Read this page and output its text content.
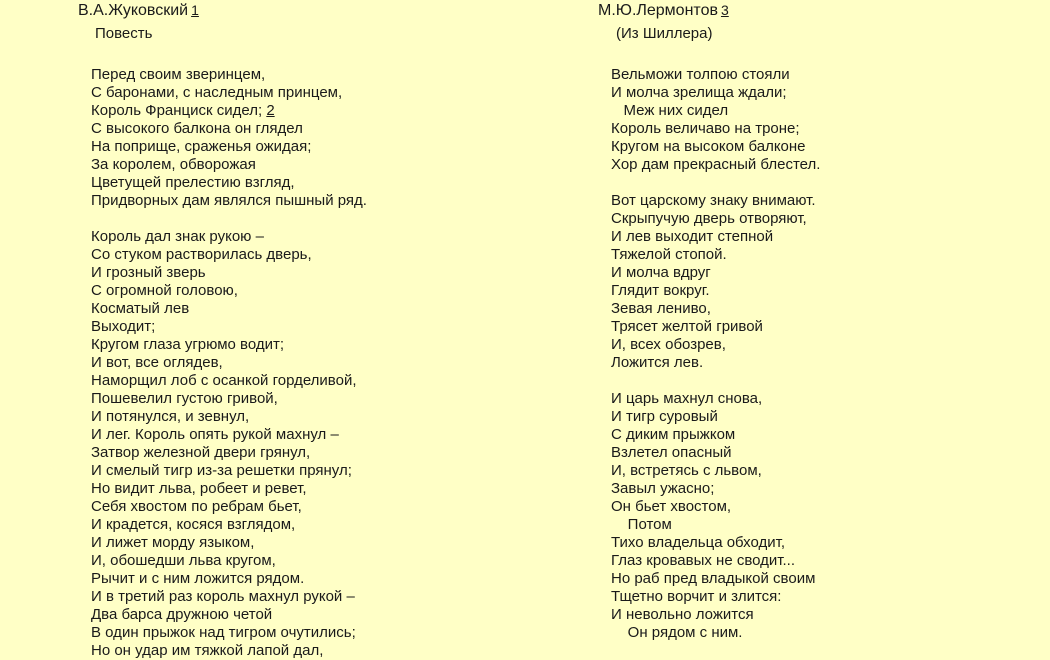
В.А.Жуковский 1
Повесть
Перед своим зверинцем,
С баронами, с наследным принцем,
Король Франциск сидел; 2
С высокого балкона он глядел
На поприще, сраженья ожидая;
За королем, обворожая
Цветущей прелестию взгляд,
Придворных дам являлся пышный ряд.
Король дал знак рукою –
Со стуком растворилась дверь,
И грозный зверь
С огромной головою,
Косматый лев
Выходит;
Кругом глаза угрюмо водит;
И вот, все оглядев,
Наморщил лоб с осанкой горделивой,
Пошевелил густою гривой,
И потянулся, и зевнул,
И лег. Король опять рукой махнул –
Затвор железной двери грянул,
И смелый тигр из-за решетки прянул;
Но видит льва, робеет и ревет,
Себя хвостом по ребрам бьет,
И крадется, косяся взглядом,
И лижет морду языком,
И, обошедши льва кругом,
Рычит и с ним ложится рядом.
И в третий раз король махнул рукой –
Два барса дружною четой
В один прыжок над тигром очутились;
Но он удар им тяжкой лапой дал,
М.Ю.Лермонтов 3
(Из Шиллера)
Вельможи толпою стояли
И молча зрелища ждали;
Меж них сидел
Король величаво на троне;
Кругом на высоком балконе
Хор дам прекрасный блестел.
Вот царскому знаку внимают.
Скрыпучую дверь отворяют,
И лев выходит степной
Тяжелой стопой.
И молча вдруг
Глядит вокруг.
Зевая лениво,
Трясет желтой гривой
И, всех обозрев,
Ложится лев.
И царь махнул снова,
И тигр суровый
С диким прыжком
Взлетел опасный
И, встретясь с львом,
Завыл ужасно;
Он бьет хвостом,
Потом
Тихо владельца обходит,
Глаз кровавых не сводит...
Но раб пред владыкой своим
Тщетно ворчит и злится:
И невольно ложится
Он рядом с ним.
